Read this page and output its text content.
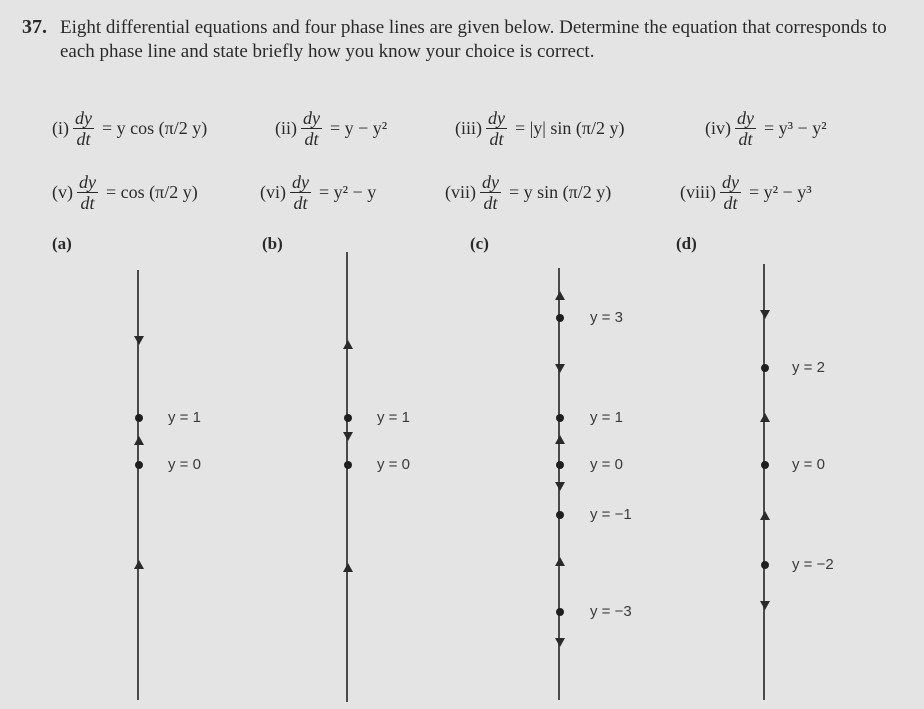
37. Eight differential equations and four phase lines are given below. Determine the equation that corresponds to each phase line and state briefly how you know your choice is correct.
$(i) \frac{dy}{dt} = y$ cos (π/2 y)	$(ii) \frac{dy}{dt} = y - y^2$	$(iii) \frac{dy}{dt} = |y|$ sin (π/2 y)	$(iv) \frac{dy}{dt} = y^3 - y^2$
$(v) \frac{dy}{dt} = \cos (\pi/2$ y)	$(vi) \frac{dy}{dt} = y^2 - y$	$(vii) \frac{dy}{dt} = y$ sin (π/2 y)	(viii) $\frac{dy}{dt} = y^2 - y^3$
(a)	(b)	(c)	(d)
y = 1
y = 0
y = 1
y = 0
y = 3
y = 1
y = 0
y = −1
y = −3
y = 2
y = 0
y = −2
